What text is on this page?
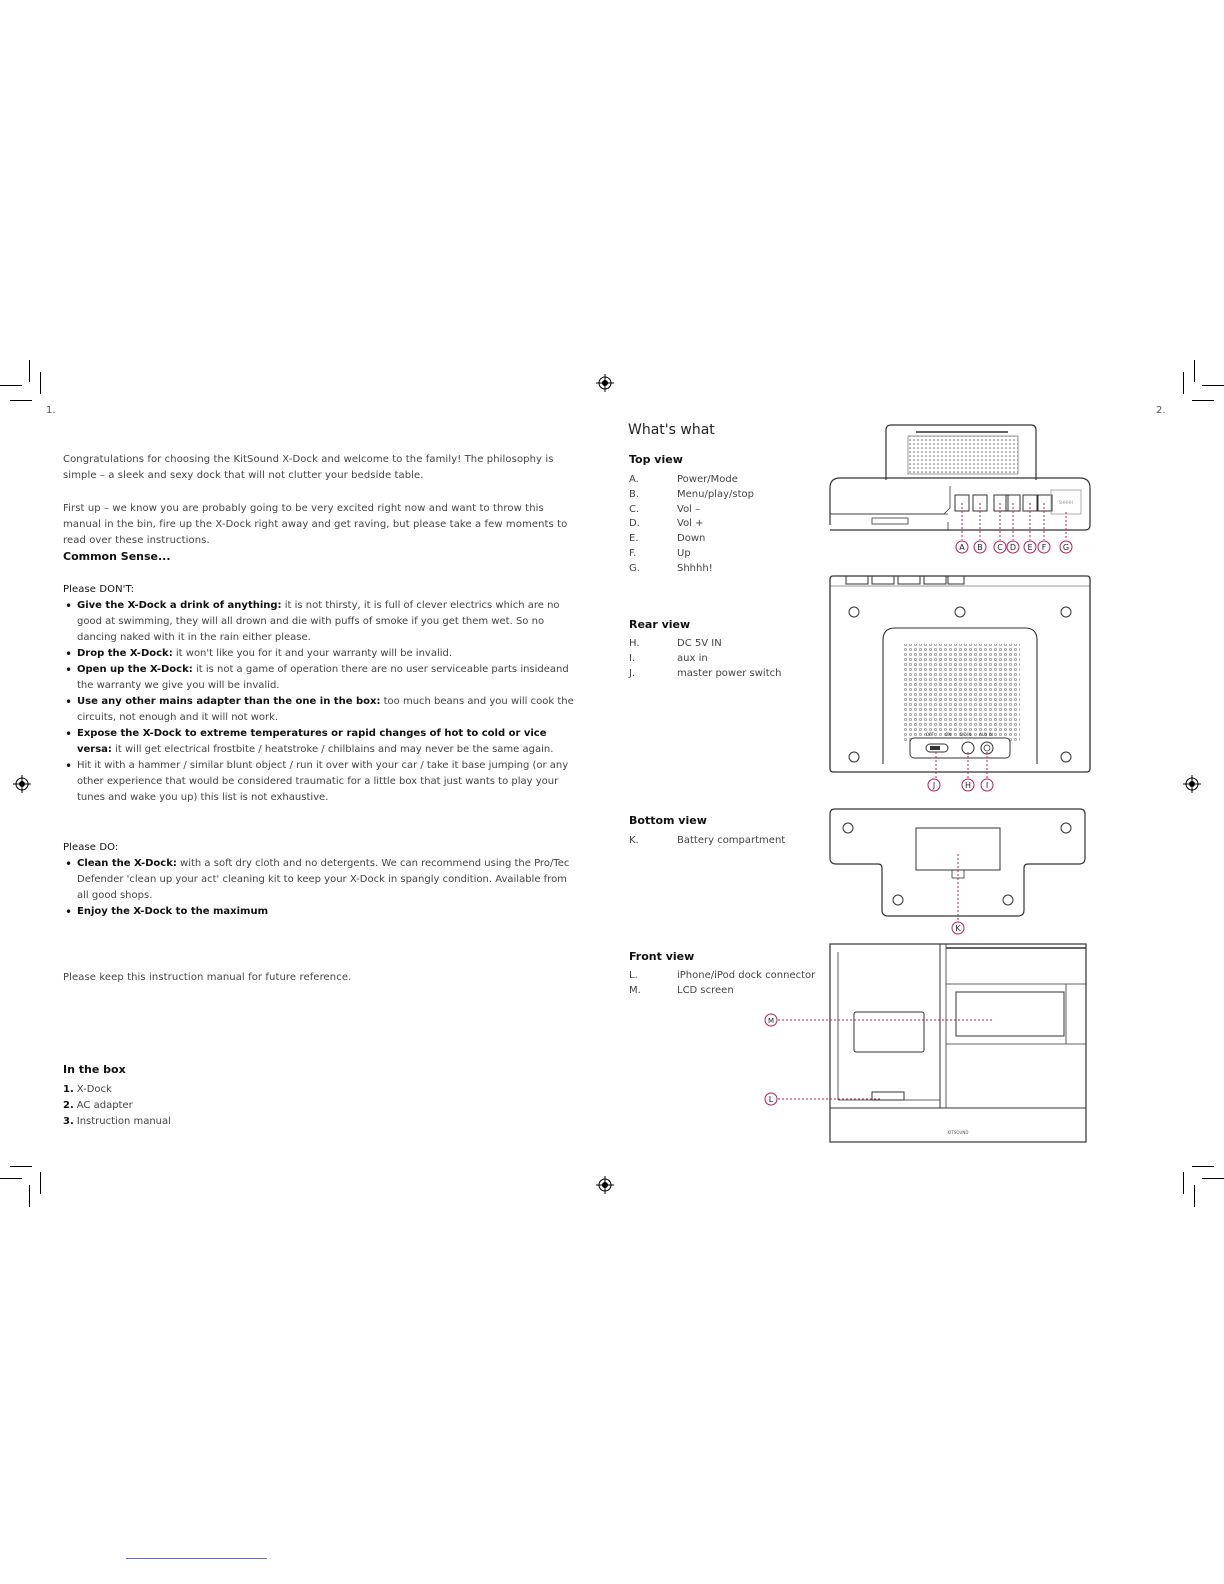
1.	2.
Congratulations for choosing the KitSound X-Dock and welcome to the family! The philosophy is simple – a sleek and sexy dock that will not clutter your bedside table.
First up – we know you are probably going to be very excited right now and want to throw this manual in the bin, fire up the X-Dock right away and get raving, but please take a few moments to read over these instructions.
Common Sense...
Please DON'T:
• Give the X-Dock a drink of anything: it is not thirsty, it is full of clever electrics which are no good at swimming, they will all drown and die with puffs of smoke if you get them wet. So no dancing naked with it in the rain either please.
• Drop the X-Dock: it won't like you for it and your warranty will be invalid.
• Open up the X-Dock: it is not a game of operation there are no user serviceable parts insideand the warranty we give you will be invalid.
• Use any other mains adapter than the one in the box: too much beans and you will cook the circuits, not enough and it will not work.
• Expose the X-Dock to extreme temperatures or rapid changes of hot to cold or vice versa: it will get electrical frostbite / heatstroke / chilblains and may never be the same again.
• Hit it with a hammer / similar blunt object / run it over with your car / take it base jumping (or any other experience that would be considered traumatic for a little box that just wants to play your tunes and wake you up) this list is not exhaustive.
Please DO:
• Clean the X-Dock: with a soft dry cloth and no detergents. We can recommend using the Pro/Tec Defender 'clean up your act' cleaning kit to keep your X-Dock in spangly condition. Available from all good shops.
• Enjoy the X-Dock to the maximum
Please keep this instruction manual for future reference.
In the box
1. X-Dock
2. AC adapter
3. Instruction manual
What's what
Top view
A.	Power/Mode
B.	Menu/play/stop
C.	Vol –
D.	Vol +
E.	Down
F.	Up
G.	Shhhh!
Rear view
H.	DC 5V IN
I.	aux in
J.	master power switch
Bottom view
K.	Battery compartment
Front view
L.	iPhone/iPod dock connector
M.	LCD screen
SHHHH
A B C D E F G
OFF	ON DC IN AUX IN
J	H I
K
KITSOUND
M
L
